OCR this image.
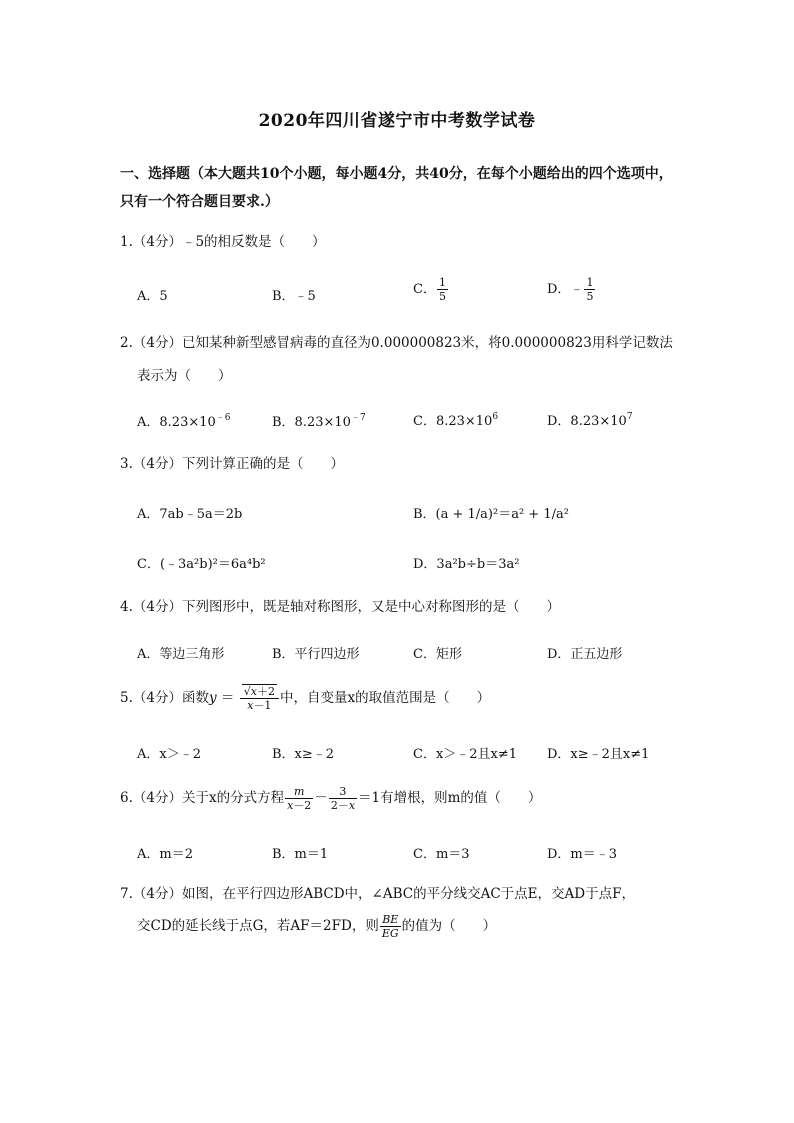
2020年四川省遂宁市中考数学试卷
一、选择题（本大题共10个小题，每小题4分，共40分，在每个小题给出的四个选项中，
只有一个符合题目要求.）
1.（4分）﹣5的相反数是（　　）
A．5	B．﹣5	C． $\frac{1}{5}$	D．﹣ $\frac{1}{5}$
2.（4分）已知某种新型感冒病毒的直径为0.000000823米，将0.000000823用科学记数法
表示为（　　）
A．$8.23\times 10^{﹣6}$	B．$8.23\times 10^{﹣7}$	C．$8.23\times 10^6$	D．$8.23\times 10^7$
3.（4分）下列计算正确的是（　　）
A．7ab﹣5a＝2b	B．(a + 1/a)²＝a² + 1/a²
C．(﹣3a²b)²＝6a⁴b²	D．3a²b÷b＝3a²
4.（4分）下列图形中，既是轴对称图形，又是中心对称图形的是（　　）
A．等边三角形	B．平行四边形	C．矩形	D．正五边形
5.（4分）函数$y = \frac{√x+2}{x-1}$ 中，自变量x的取值范围是（　　）
A．x＞﹣2	B．x≥﹣2	C．x＞﹣2且x≠1 D．x≥﹣2且x≠1
6.（4分）关于x的分式方程 $\frac{m}{x-2} - \frac{3}{2-x} =1$有增根，则m的值（　　）
A．m＝2	B．m＝1	C．m＝3	D．m＝﹣3
7.（4分）如图，在平行四边形ABCD中，∠ABC的平分线交AC于点E，交AD于点F，
交CD的延长线于点G，若AF＝2FD，则 $\frac{BE}{EG}$ 的值为（　　）
